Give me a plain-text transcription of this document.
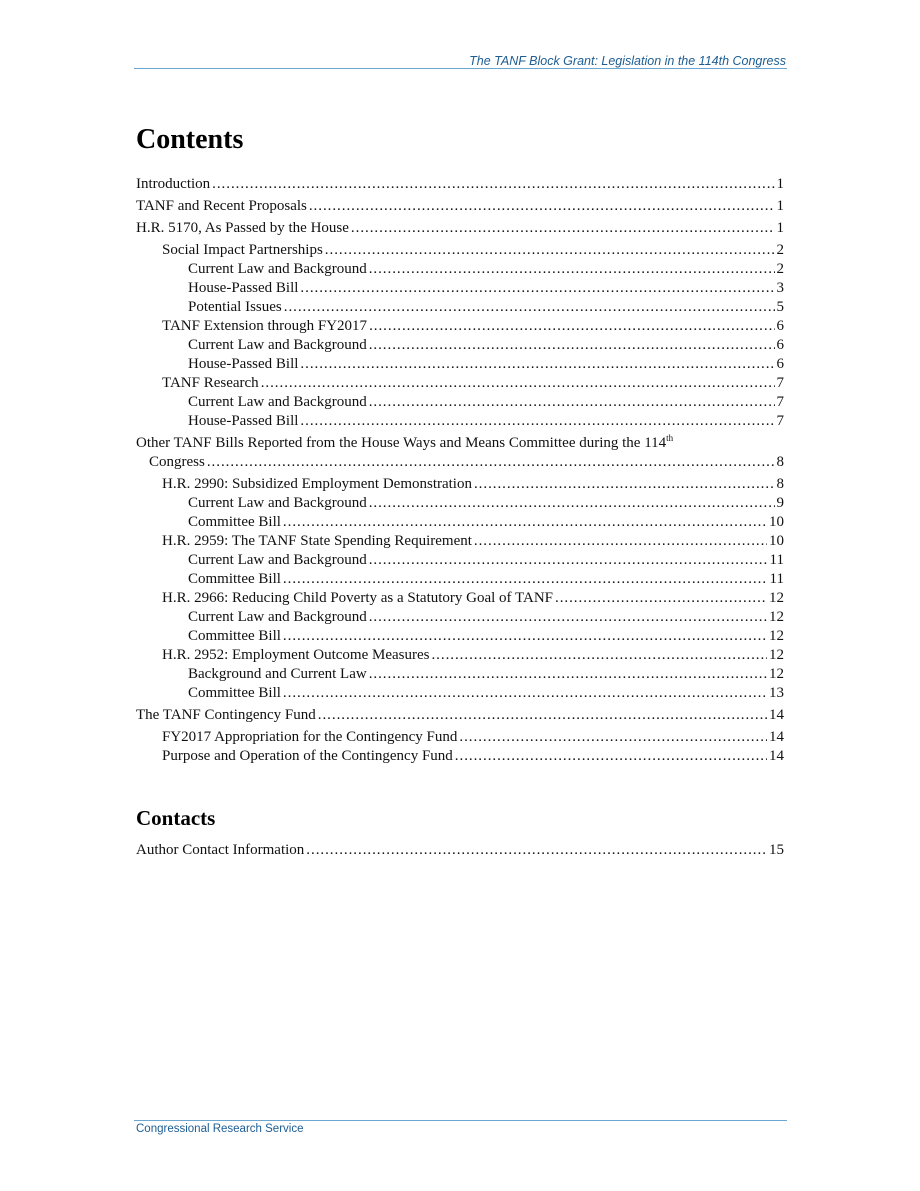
The TANF Block Grant: Legislation in the 114th Congress
Contents
Introduction . . .	1
TANF and Recent Proposals . . .	1
H.R. 5170, As Passed by the House . . .	1
Social Impact Partnerships . . .	2
Current Law and Background . . .	2
House-Passed Bill . . .	3
Potential Issues . . .	5
TANF Extension through FY2017 . . .	6
Current Law and Background . . .	6
House-Passed Bill . . .	6
TANF Research . . .	7
Current Law and Background . . .	7
House-Passed Bill . . .	7
Other TANF Bills Reported from the House Ways and Means Committee during the 114th
Congress . . .	8
H.R. 2990: Subsidized Employment Demonstration . . .	8
Current Law and Background . . .	9
Committee Bill . . .	10
H.R. 2959: The TANF State Spending Requirement . . .	10
Current Law and Background . . .	11
Committee Bill . . .	11
H.R. 2966: Reducing Child Poverty as a Statutory Goal of TANF . . .	12
Current Law and Background . . .	12
Committee Bill . . .	12
H.R. 2952: Employment Outcome Measures . . .	12
Background and Current Law . . .	12
Committee Bill . . .	13
The TANF Contingency Fund . . .	14
FY2017 Appropriation for the Contingency Fund . . .	14
Purpose and Operation of the Contingency Fund . . .	14
Contacts
Author Contact Information . . .	15
Congressional Research Service
